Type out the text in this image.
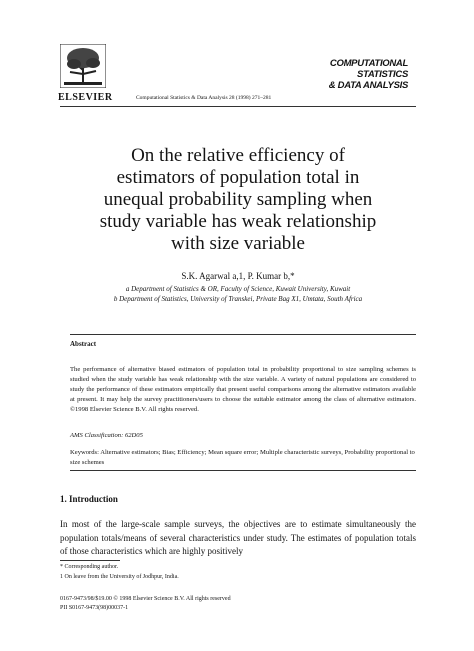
ELSEVIER	Computational Statistics & Data Analysis 28 (1998) 271–281
COMPUTATIONAL
STATISTICS
& DATA ANALYSIS
On the relative efficiency of
estimators of population total in
unequal probability sampling when
study variable has weak relationship
with size variable
S.K. Agarwal a,1, P. Kumar b,*
a Department of Statistics & OR, Faculty of Science, Kuwait University, Kuwait
b Department of Statistics, University of Transkei, Private Bag X1, Umtata, South Africa
Abstract
The performance of alternative biased estimators of population total in probability proportional to size sampling schemes is studied when the study variable has weak relationship with the size variable. A variety of natural populations are considered to study the performance of these estimators empirically that present useful comparisons among the alternative estimators available at present. It may help the survey practitioners/users to choose the suitable estimator among the class of alternative estimators. ©1998 Elsevier Science B.V. All rights reserved.
AMS Classification: 62D05
Keywords: Alternative estimators; Bias; Efficiency; Mean square error; Multiple characteristic surveys, Probability proportional to size schemes
1. Introduction
In most of the large-scale sample surveys, the objectives are to estimate simultaneously the population totals/means of several characteristics under study. The estimates of population totals of those characteristics which are highly positively
* Corresponding author.
1 On leave from the University of Jodhpur, India.
0167-9473/98/$19.00 © 1998 Elsevier Science B.V. All rights reserved
PII S0167-9473(98)00037-1
